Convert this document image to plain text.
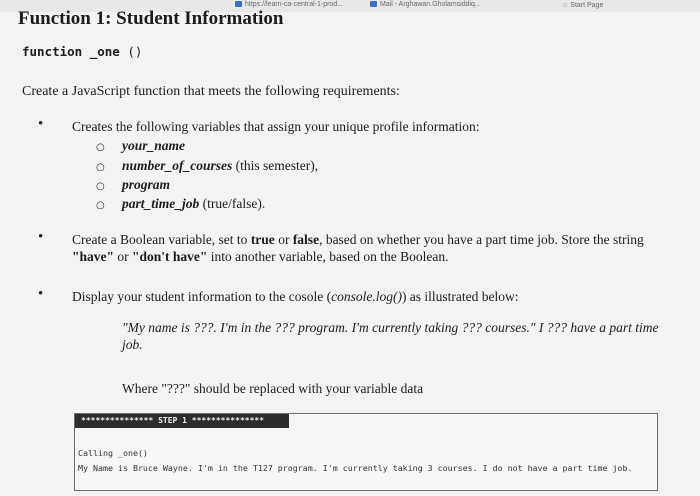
https://learn-ca-central-1-prod...	Mail - Arghawan.Gholamsiddiq...	☆ Start Page
Function 1: Student Information
function _one ()
Create a JavaScript function that meets the following requirements:
• Creates the following variables that assign your unique profile information:
○ your_name
○ number_of_courses (this semester),
○ program
○ part_time_job (true/false).
• Create a Boolean variable, set to true or false, based on whether you have a part time job. Store the string "have" or "don't have" into another variable, based on the Boolean.
• Display your student information to the cosole (console.log()) as illustrated below:
"My name is ???. I'm in the ??? program. I'm currently taking ??? courses." I ??? have a part time job.
Where "???" should be replaced with your variable data
*************** STEP 1 ***************
Calling _one()
My Name is Bruce Wayne. I'm in the T127 program. I'm currently taking 3 courses. I do not have a part time job.
